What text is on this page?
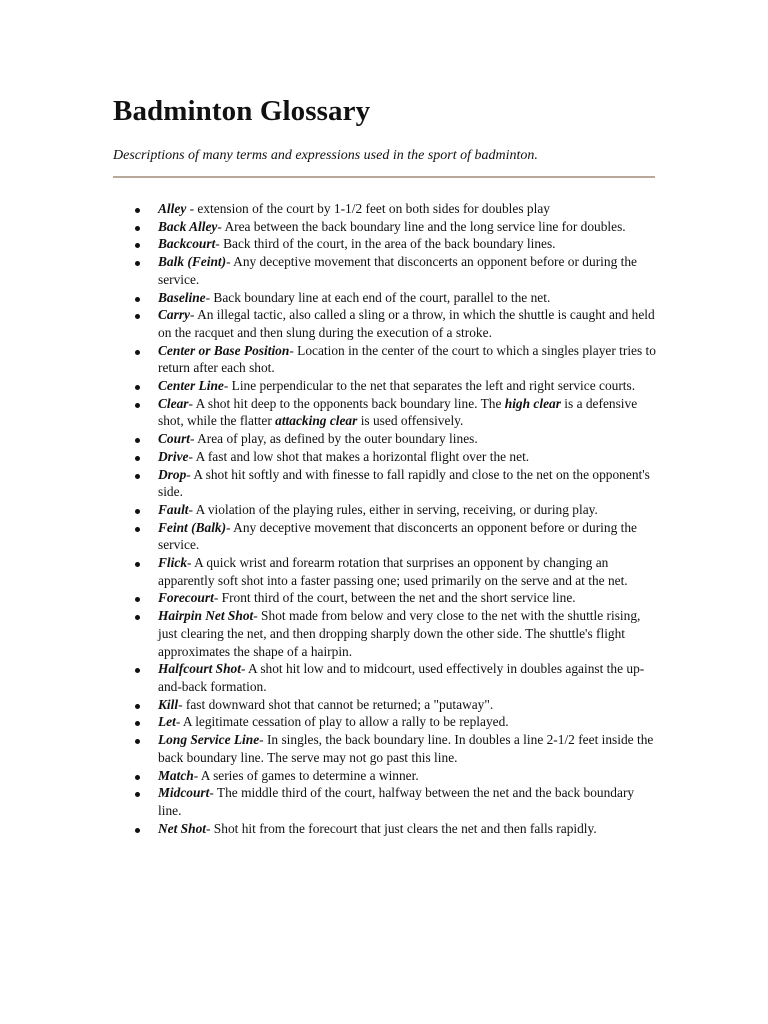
Badminton Glossary

Descriptions of many terms and expressions used in the sport of badminton.

Alley - extension of the court by 1-1/2 feet on both sides for doubles play
Back Alley- Area between the back boundary line and the long service line for doubles.
Backcourt- Back third of the court, in the area of the back boundary lines.
Balk (Feint)- Any deceptive movement that disconcerts an opponent before or during the service.
Baseline- Back boundary line at each end of the court, parallel to the net.
Carry- An illegal tactic, also called a sling or a throw, in which the shuttle is caught and held on the racquet and then slung during the execution of a stroke.
Center or Base Position- Location in the center of the court to which a singles player tries to return after each shot.
Center Line- Line perpendicular to the net that separates the left and right service courts.
Clear- A shot hit deep to the opponents back boundary line. The high clear is a defensive shot, while the flatter attacking clear is used offensively.
Court- Area of play, as defined by the outer boundary lines.
Drive- A fast and low shot that makes a horizontal flight over the net.
Drop- A shot hit softly and with finesse to fall rapidly and close to the net on the opponent's side.
Fault- A violation of the playing rules, either in serving, receiving, or during play.
Feint (Balk)- Any deceptive movement that disconcerts an opponent before or during the service.
Flick- A quick wrist and forearm rotation that surprises an opponent by changing an apparently soft shot into a faster passing one; used primarily on the serve and at the net.
Forecourt- Front third of the court, between the net and the short service line.
Hairpin Net Shot- Shot made from below and very close to the net with the shuttle rising, just clearing the net, and then dropping sharply down the other side. The shuttle's flight approximates the shape of a hairpin.
Halfcourt Shot- A shot hit low and to midcourt, used effectively in doubles against the up-and-back formation.
Kill- fast downward shot that cannot be returned; a "putaway".
Let- A legitimate cessation of play to allow a rally to be replayed.
Long Service Line- In singles, the back boundary line. In doubles a line 2-1/2 feet inside the back boundary line. The serve may not go past this line.
Match- A series of games to determine a winner.
Midcourt- The middle third of the court, halfway between the net and the back boundary line.
Net Shot- Shot hit from the forecourt that just clears the net and then falls rapidly.
